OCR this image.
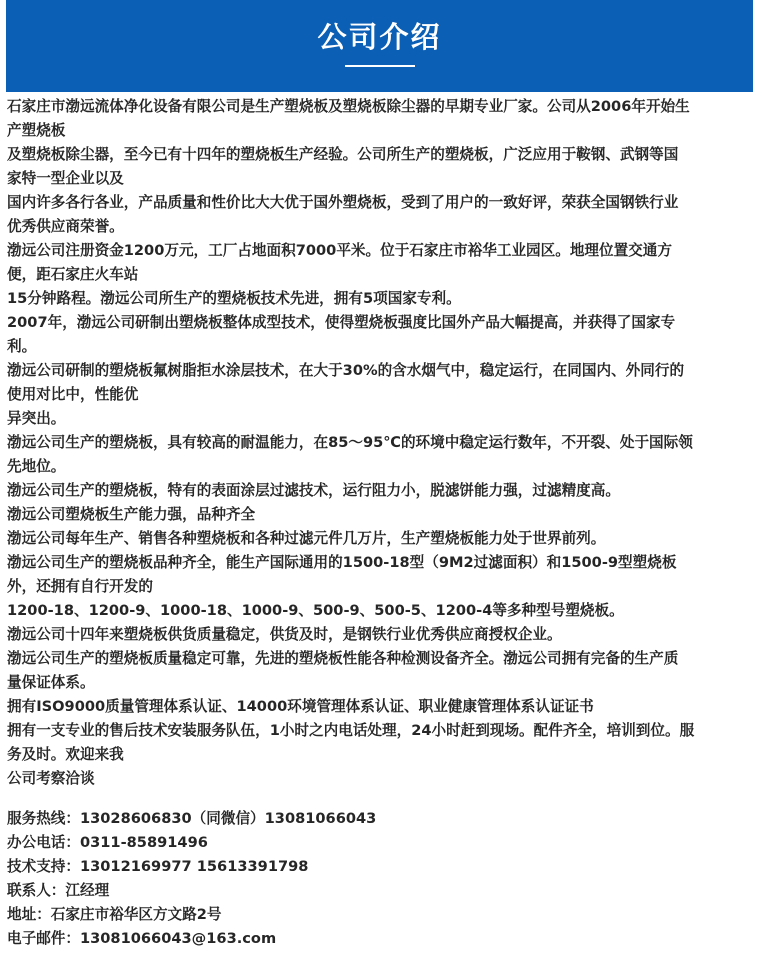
公司介绍

石家庄市渤远流体净化设备有限公司是生产塑烧板及塑烧板除尘器的早期专业厂家。公司从2006年开始生

产塑烧板

及塑烧板除尘器，至今已有十四年的塑烧板生产经验。公司所生产的塑烧板，广泛应用于鞍钢、武钢等国

家特一型企业以及

国内许多各行各业，产品质量和性价比大大优于国外塑烧板，受到了用户的一致好评，荣获全国钢铁行业

优秀供应商荣誉。

渤远公司注册资金1200万元，工厂占地面积7000平米。位于石家庄市裕华工业园区。地理位置交通方

便，距石家庄火车站

15分钟路程。渤远公司所生产的塑烧板技术先进，拥有5项国家专利。

2007年，渤远公司研制出塑烧板整体成型技术，使得塑烧板强度比国外产品大幅提高，并获得了国家专

利。

渤远公司研制的塑烧板氟树脂拒水涂层技术，在大于30%的含水烟气中，稳定运行，在同国内、外同行的

使用对比中，性能优

异突出。

渤远公司生产的塑烧板，具有较高的耐温能力，在85～95℃的环境中稳定运行数年，不开裂、处于国际领

先地位。

渤远公司生产的塑烧板，特有的表面涂层过滤技术，运行阻力小，脱滤饼能力强，过滤精度高。

渤远公司塑烧板生产能力强，品种齐全

渤远公司每年生产、销售各种塑烧板和各种过滤元件几万片，生产塑烧板能力处于世界前列。

渤远公司生产的塑烧板品种齐全，能生产国际通用的1500-18型（9M2过滤面积）和1500-9型塑烧板

外，还拥有自行开发的

1200-18、1200-9、1000-18、1000-9、500-9、500-5、1200-4等多种型号塑烧板。

渤远公司十四年来塑烧板供货质量稳定，供货及时，是钢铁行业优秀供应商授权企业。

渤远公司生产的塑烧板质量稳定可靠，先进的塑烧板性能各种检测设备齐全。渤远公司拥有完备的生产质

量保证体系。

拥有ISO9000质量管理体系认证、14000环境管理体系认证、职业健康管理体系认证证书

拥有一支专业的售后技术安装服务队伍，1小时之内电话处理，24小时赶到现场。配件齐全，培训到位。服

务及时。欢迎来我

公司考察洽谈

服务热线：13028606830（同微信）13081066043
办公电话：0311-85891496
技术支持：13012169977 15613391798
联系人：江经理
地址：石家庄市裕华区方文路2号
电子邮件：13081066043@163.com
